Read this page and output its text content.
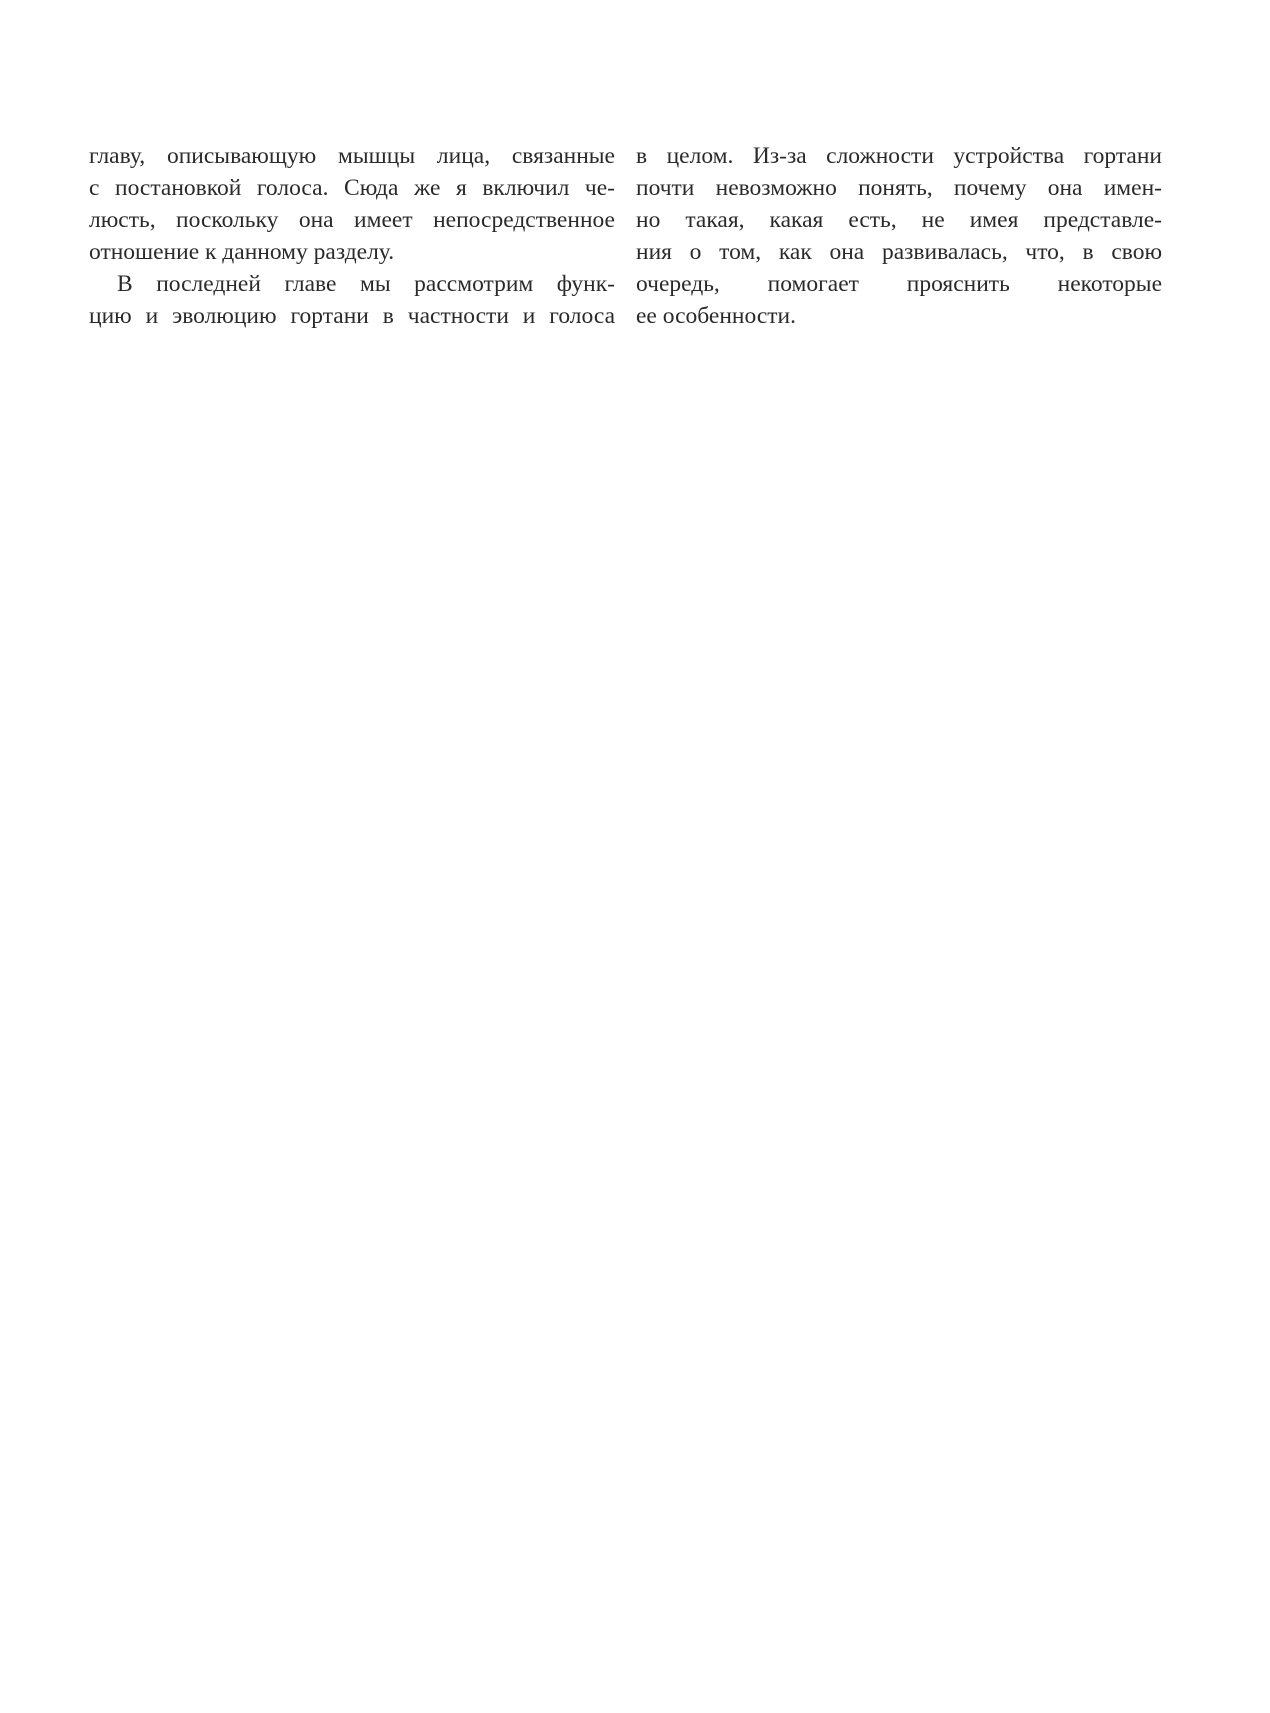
главу, описывающую мышцы лица, связанные
с постановкой голоса. Сюда же я включил че-
люсть, поскольку она имеет непосредственное
отношение к данному разделу.
В последней главе мы рассмотрим функ-
цию и эволюцию гортани в частности и голоса
в целом. Из-за сложности устройства гортани
почти невозможно понять, почему она имен-
но такая, какая есть, не имея представле-
ния о том, как она развивалась, что, в свою
очередь, помогает прояснить некоторые
ее особенности.
